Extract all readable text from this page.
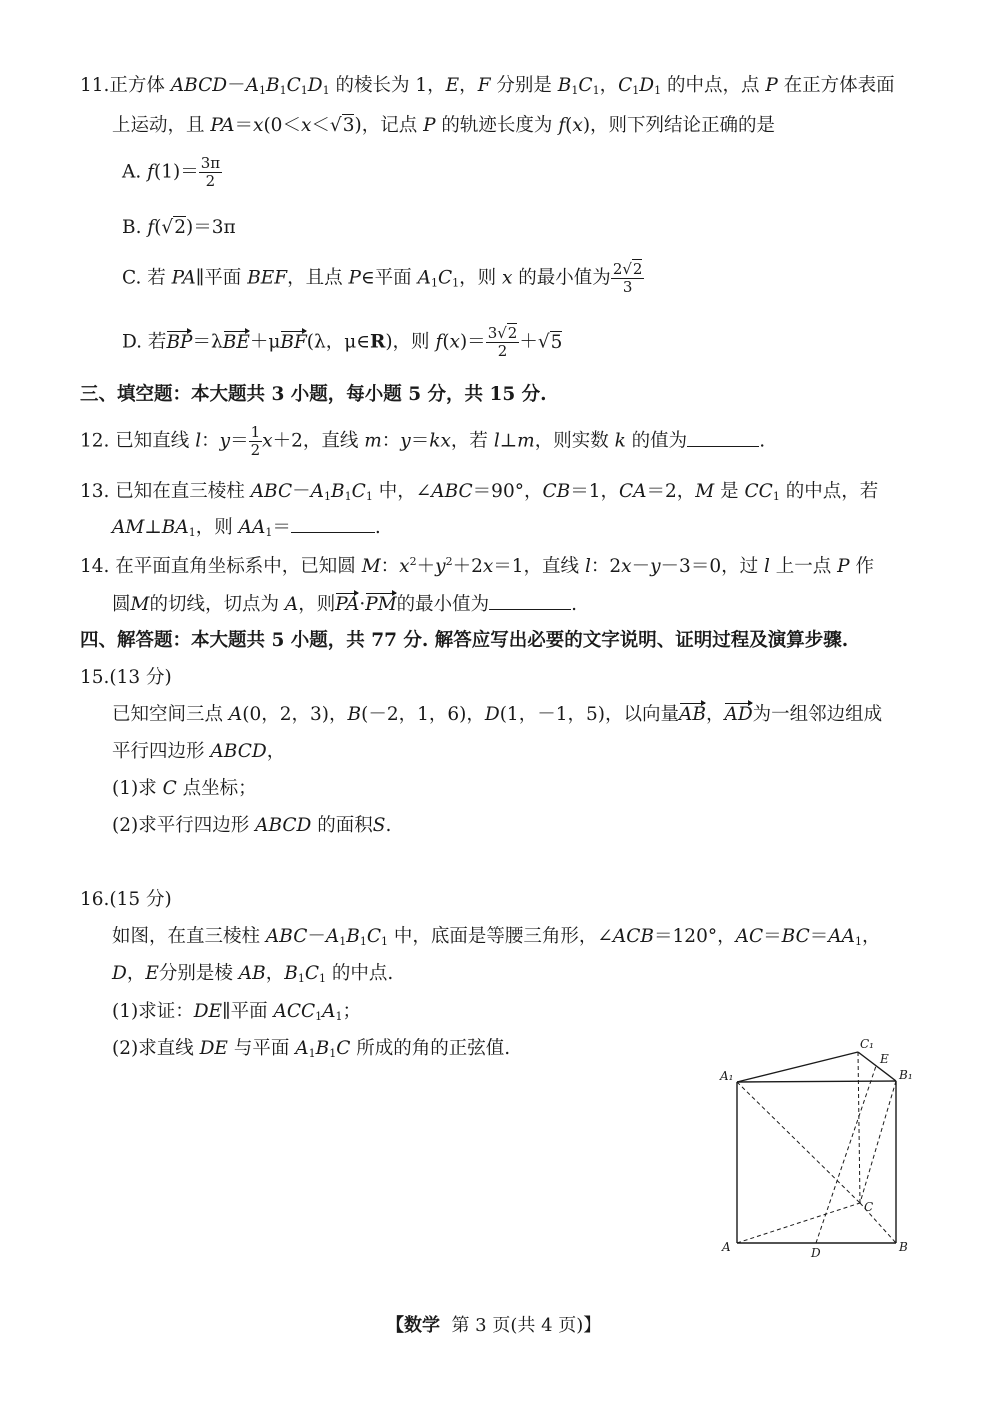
11.正方体 $ABCD-A_1B_1C_1D_1$ 的棱长为 1，E，F 分别是 $B_1C_1$，$C_1D_1$ 的中点，点 P 在正方体表面
上运动，且 PA＝x(0＜x＜√3)，记点 P 的轨迹长度为 f(x)，则下列结论正确的是
A. $f(1)= \frac{3\pi}{2}$
B. f(√2)＝3π
C. 若 PA∥平面 BEF，且点 P∈平面 $A_1C_1$，则 x 的最小值为 $\frac{2√2}{3}$
D. 若BP＝λBE＋μBF(λ，μ∈R)，则 $f(x)= \frac{3√2}{2} +√5$
三、填空题：本大题共 3 小题，每小题 5 分，共 15 分.
12. 已知直线 l：$y= \frac{1}{2} x+2$，直线 m：y＝kx，若 l⊥m，则实数 k 的值为	.
13. 已知在直三棱柱 $ABC-A_1B_1C_1$ 中，∠ABC＝90°，CB＝1，CA＝2，M 是 $CC_1$ 的中点，若
$AM\perp BA_1$，则 $AA_1=$	.
14. 在平面直角坐标系中，已知圆 M：$x^2+y^2+2x=1$，直线 l：2x－y－3＝0，过 l 上一点 P 作
圆M的切线，切点为 A，则PA·PM的最小值为	.
四、解答题：本大题共 5 小题，共 77 分. 解答应写出必要的文字说明、证明过程及演算步骤.
15.(13 分)
已知空间三点 A(0，2，3)，B(－2，1，6)，D(1，－1，5)，以向量AB，AD为一组邻边组成
平行四边形 ABCD，
(1)求 C 点坐标；
(2)求平行四边形 ABCD 的面积S.
16.(15 分)
如图，在直三棱柱 $ABC-A_1B_1C_1$ 中，底面是等腰三角形，∠ACB＝120°，$AC=BC=AA_1$，
D，E分别是棱 AB，$B_1C_1$ 的中点.
(1)求证：DE∥平面 $ACC_1A_1$；
(2)求直线 DE 与平面 $A_1B_1C$ 所成的角的正弦值.	C₁
E
A₁	B₁
C
A	B
D
【数学 第 3 页(共 4 页)】
